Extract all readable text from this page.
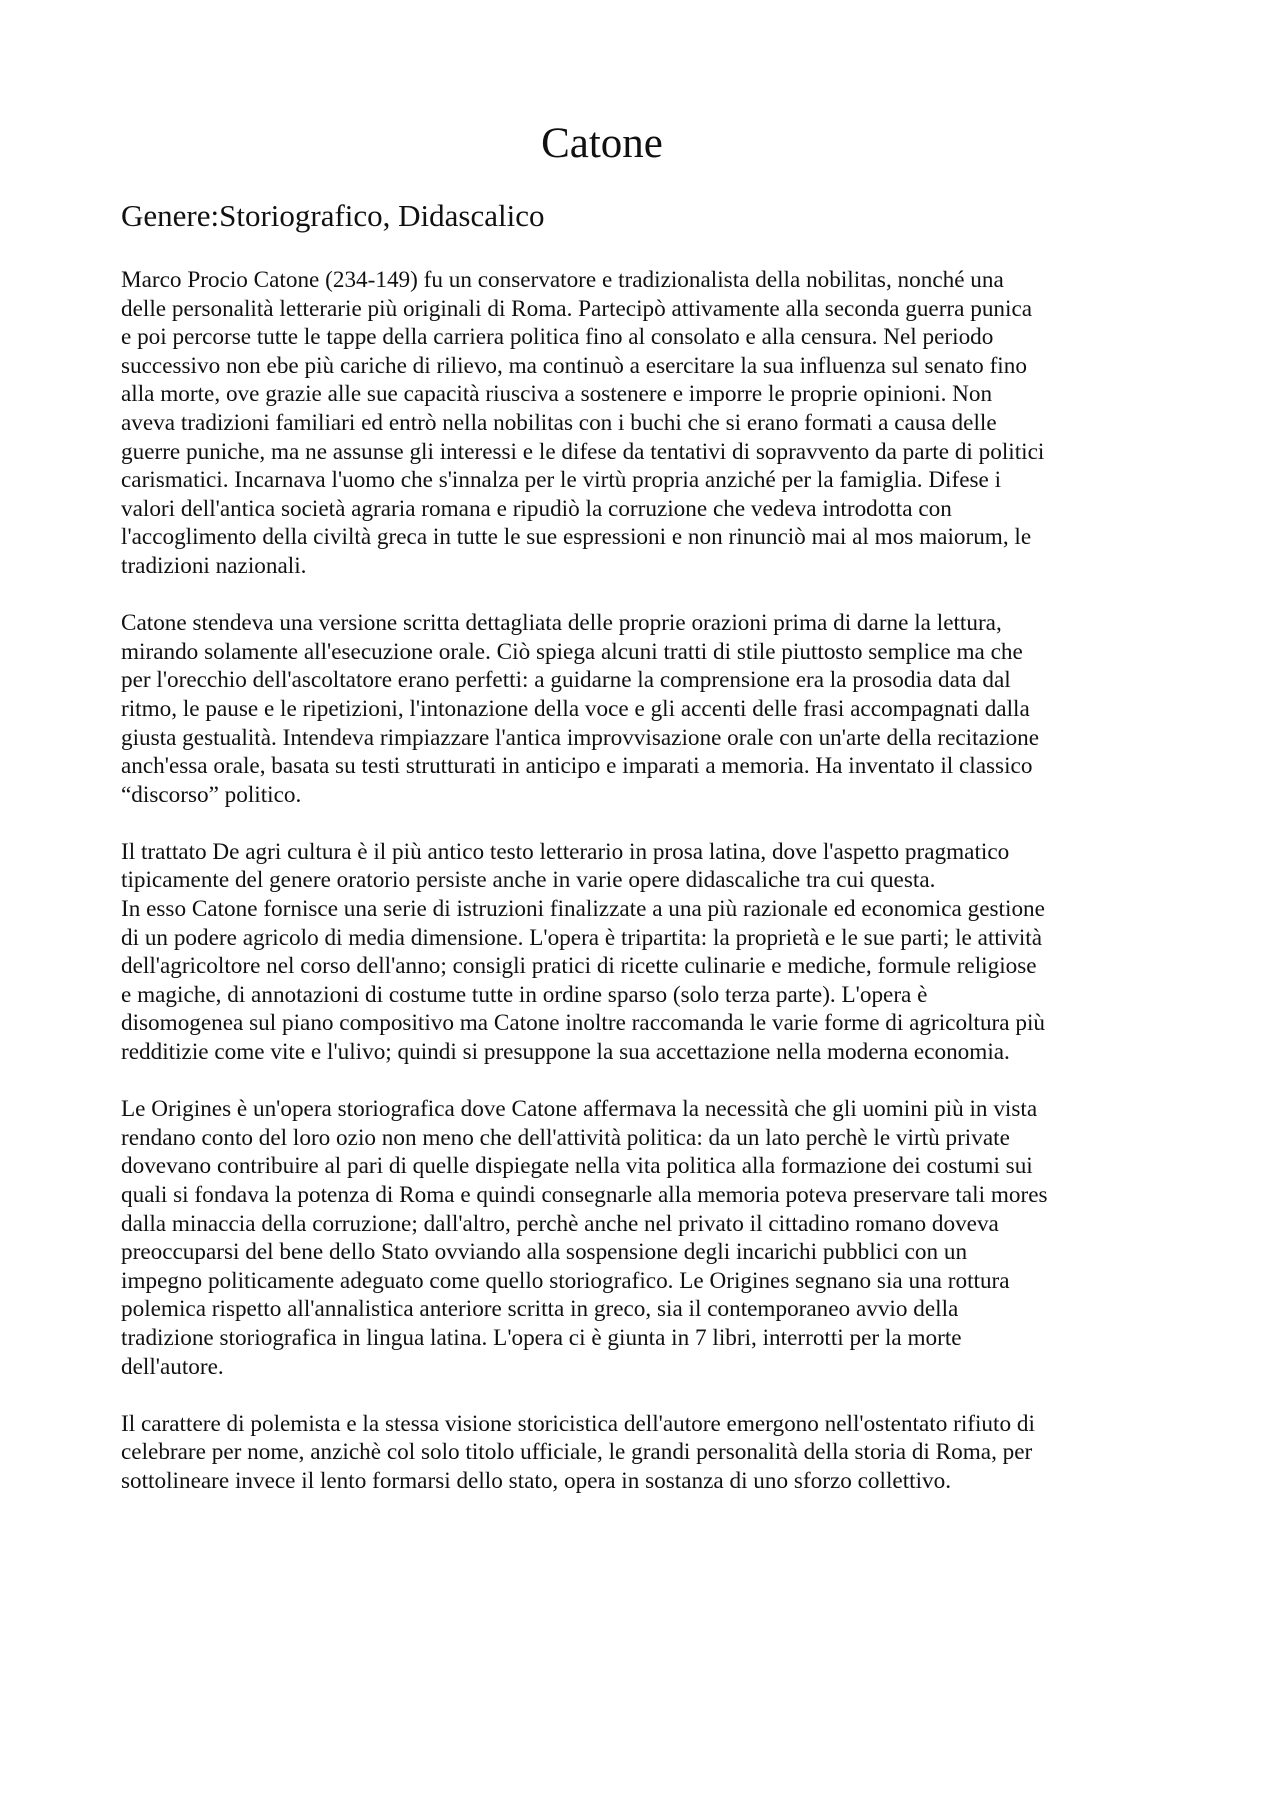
Catone
Genere:Storiografico, Didascalico

Marco Procio Catone (234-149) fu un conservatore e tradizionalista della nobilitas, nonché una
delle personalità letterarie più originali di Roma. Partecipò attivamente alla seconda guerra punica
e poi percorse tutte le tappe della carriera politica fino al consolato e alla censura. Nel periodo
successivo non ebe più cariche di rilievo, ma continuò a esercitare la sua influenza sul senato fino
alla morte, ove grazie alle sue capacità riusciva a sostenere e imporre le proprie opinioni. Non
aveva tradizioni familiari ed entrò nella nobilitas con i buchi che si erano formati a causa delle
guerre puniche, ma ne assunse gli interessi e le difese da tentativi di sopravvento da parte di politici
carismatici. Incarnava l'uomo che s'innalza per le virtù propria anziché per la famiglia. Difese i
valori dell'antica società agraria romana e ripudiò la corruzione che vedeva introdotta con
l'accoglimento della civiltà greca in tutte le sue espressioni e non rinunciò mai al mos maiorum, le
tradizioni nazionali.

Catone stendeva una versione scritta dettagliata delle proprie orazioni prima di darne la lettura,
mirando solamente all'esecuzione orale. Ciò spiega alcuni tratti di stile piuttosto semplice ma che
per l'orecchio dell'ascoltatore erano perfetti: a guidarne la comprensione era la prosodia data dal
ritmo, le pause e le ripetizioni, l'intonazione della voce e gli accenti delle frasi accompagnati dalla
giusta gestualità. Intendeva rimpiazzare l'antica improvvisazione orale con un'arte della recitazione
anch'essa orale, basata su testi strutturati in anticipo e imparati a memoria. Ha inventato il classico
“discorso” politico.

Il trattato De agri cultura è il più antico testo letterario in prosa latina, dove l'aspetto pragmatico
tipicamente del genere oratorio persiste anche in varie opere didascaliche tra cui questa.
In esso Catone fornisce una serie di istruzioni finalizzate a una più razionale ed economica gestione
di un podere agricolo di media dimensione. L'opera è tripartita: la proprietà e le sue parti; le attività
dell'agricoltore nel corso dell'anno; consigli pratici di ricette culinarie e mediche, formule religiose
e magiche, di annotazioni di costume tutte in ordine sparso (solo terza parte). L'opera è
disomogenea sul piano compositivo ma Catone inoltre raccomanda le varie forme di agricoltura più
redditizie come vite e l'ulivo; quindi si presuppone la sua accettazione nella moderna economia.

Le Origines è un'opera storiografica dove Catone affermava la necessità che gli uomini più in vista
rendano conto del loro ozio non meno che dell'attività politica: da un lato perchè le virtù private
dovevano contribuire al pari di quelle dispiegate nella vita politica alla formazione dei costumi sui
quali si fondava la potenza di Roma e quindi consegnarle alla memoria poteva preservare tali mores
dalla minaccia della corruzione; dall'altro, perchè anche nel privato il cittadino romano doveva
preoccuparsi del bene dello Stato ovviando alla sospensione degli incarichi pubblici con un
impegno politicamente adeguato come quello storiografico. Le Origines segnano sia una rottura
polemica rispetto all'annalistica anteriore scritta in greco, sia il contemporaneo avvio della
tradizione storiografica in lingua latina. L'opera ci è giunta in 7 libri, interrotti per la morte
dell'autore.

Il carattere di polemista e la stessa visione storicistica dell'autore emergono nell'ostentato rifiuto di
celebrare per nome, anzichè col solo titolo ufficiale, le grandi personalità della storia di Roma, per
sottolineare invece il lento formarsi dello stato, opera in sostanza di uno sforzo collettivo.
